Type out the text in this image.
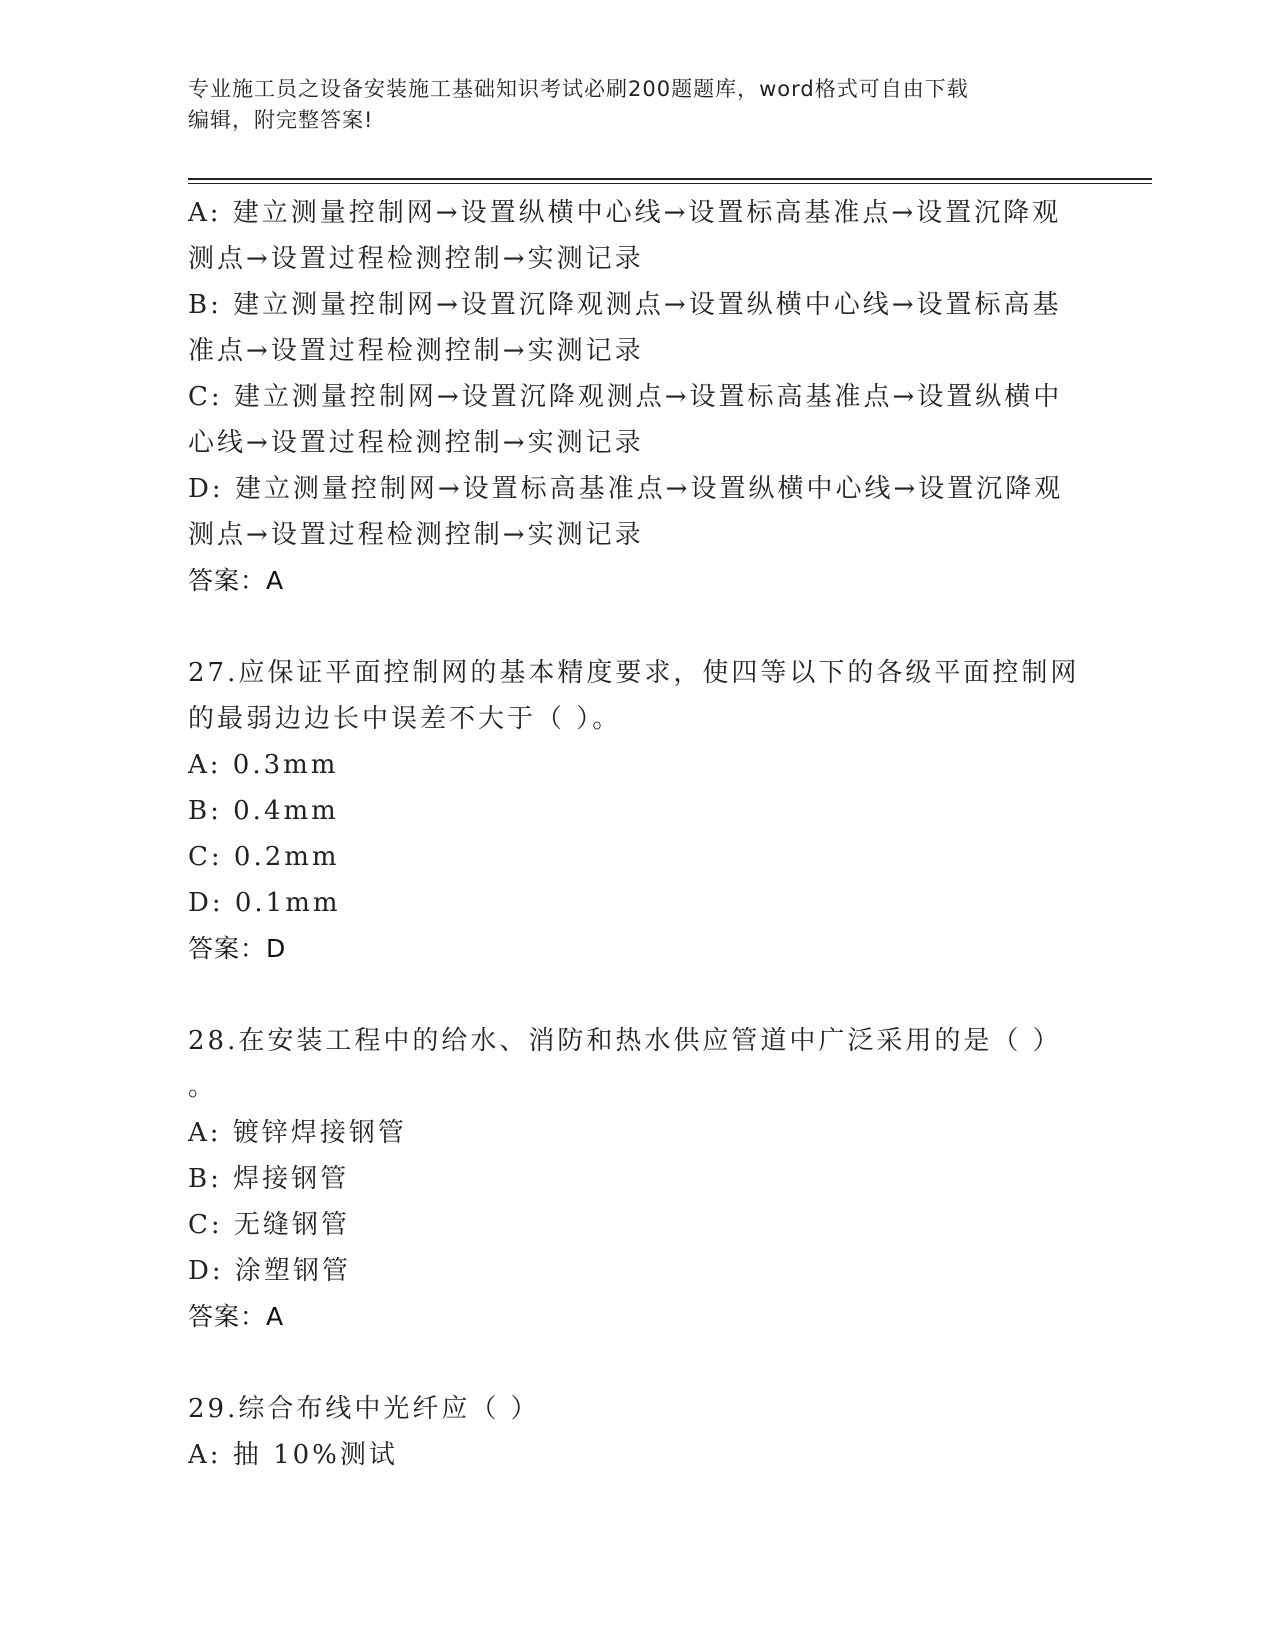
专业施工员之设备安装施工基础知识考试必刷200题题库，word格式可自由下载
编辑，附完整答案!
A: 建立测量控制网→设置纵横中心线→设置标高基准点→设置沉降观
测点→设置过程检测控制→实测记录
B: 建立测量控制网→设置沉降观测点→设置纵横中心线→设置标高基
准点→设置过程检测控制→实测记录
C: 建立测量控制网→设置沉降观测点→设置标高基准点→设置纵横中
心线→设置过程检测控制→实测记录
D: 建立测量控制网→设置标高基准点→设置纵横中心线→设置沉降观
测点→设置过程检测控制→实测记录
答案：A
27.应保证平面控制网的基本精度要求，使四等以下的各级平面控制网
的最弱边边长中误差不大于（ ）。
A: 0.3mm
B: 0.4mm
C: 0.2mm
D: 0.1mm
答案：D
28.在安装工程中的给水、消防和热水供应管道中广泛采用的是（ ）
。
A: 镀锌焊接钢管
B: 焊接钢管
C: 无缝钢管
D: 涂塑钢管
答案：A
29.综合布线中光纤应（ ）
A: 抽 10%测试
